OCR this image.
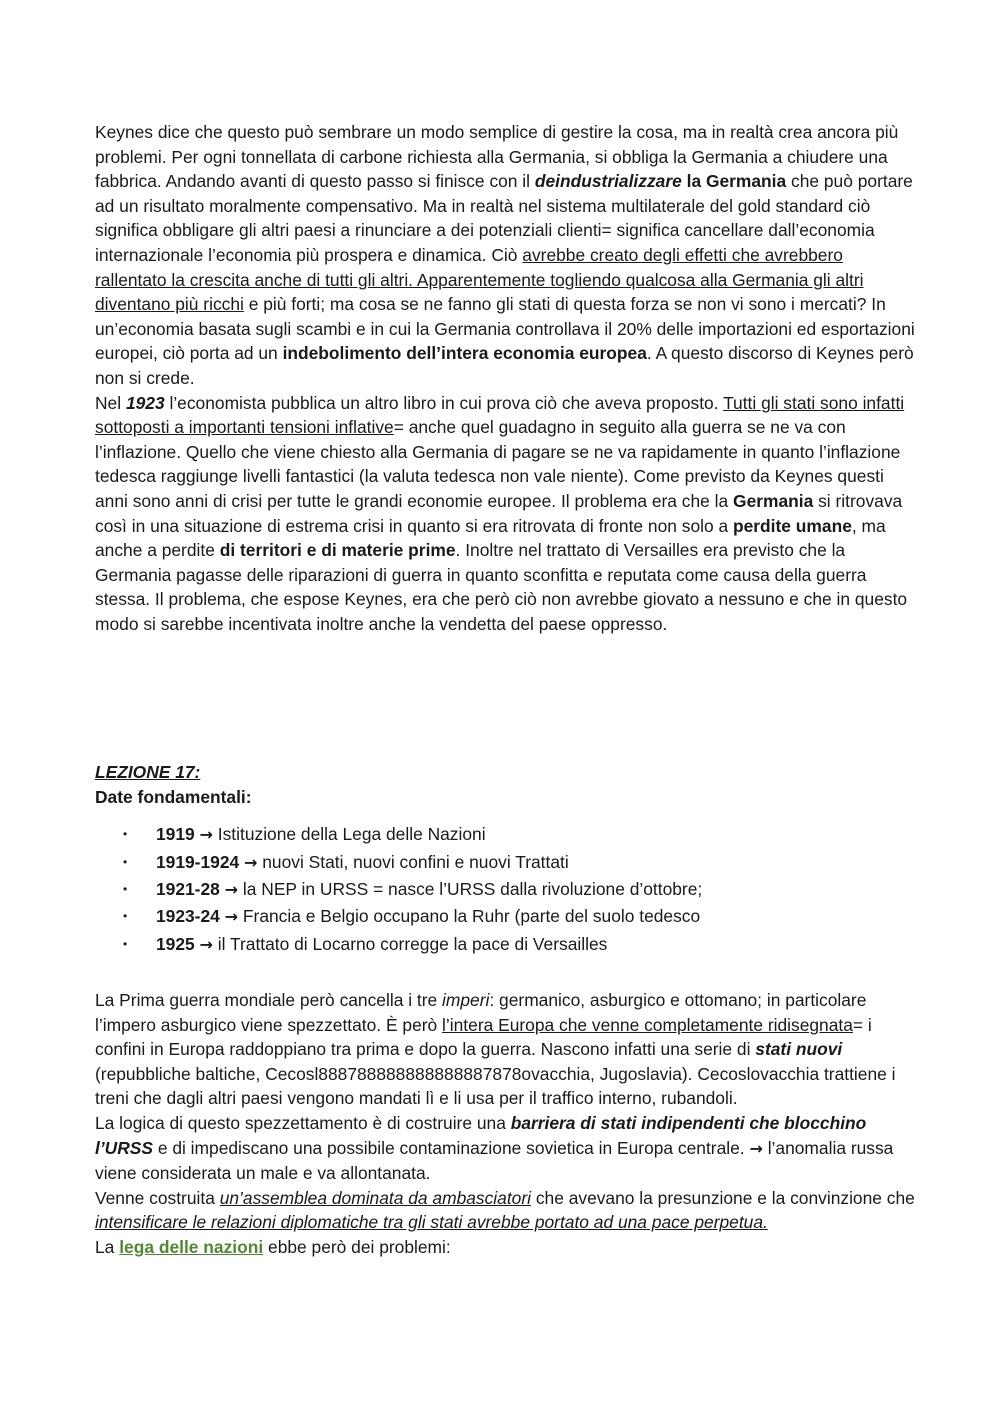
Keynes dice che questo può sembrare un modo semplice di gestire la cosa, ma in realtà crea ancora più problemi. Per ogni tonnellata di carbone richiesta alla Germania, si obbliga la Germania a chiudere una fabbrica. Andando avanti di questo passo si finisce con il deindustrializzare la Germania che può portare ad un risultato moralmente compensativo. Ma in realtà nel sistema multilaterale del gold standard ciò significa obbligare gli altri paesi a rinunciare a dei potenziali clienti= significa cancellare dall’economia internazionale l’economia più prospera e dinamica. Ciò avrebbe creato degli effetti che avrebbero rallentato la crescita anche di tutti gli altri. Apparentemente togliendo qualcosa alla Germania gli altri diventano più ricchi e più forti; ma cosa se ne fanno gli stati di questa forza se non vi sono i mercati? In un’economia basata sugli scambi e in cui la Germania controllava il 20% delle importazioni ed esportazioni europei, ciò porta ad un indebolimento dell’intera economia europea. A questo discorso di Keynes però non si crede.

Nel 1923 l’economista pubblica un altro libro in cui prova ciò che aveva proposto. Tutti gli stati sono infatti sottoposti a importanti tensioni inflative= anche quel guadagno in seguito alla guerra se ne va con l’inflazione. Quello che viene chiesto alla Germania di pagare se ne va rapidamente in quanto l’inflazione tedesca raggiunge livelli fantastici (la valuta tedesca non vale niente). Come previsto da Keynes questi anni sono anni di crisi per tutte le grandi economie europee. Il problema era che la Germania si ritrovava così in una situazione di estrema crisi in quanto si era ritrovata di fronte non solo a perdite umane, ma anche a perdite di territori e di materie prime. Inoltre nel trattato di Versailles era previsto che la Germania pagasse delle riparazioni di guerra in quanto sconfitta e reputata come causa della guerra stessa. Il problema, che espose Keynes, era che però ciò non avrebbe giovato a nessuno e che in questo modo si sarebbe incentivata inoltre anche la vendetta del paese oppresso.

LEZIONE 17:

Date fondamentali:

• 1919 → Istituzione della Lega delle Nazioni
• 1919-1924 → nuovi Stati, nuovi confini e nuovi Trattati
• 1921-28 → la NEP in URSS = nasce l’URSS dalla rivoluzione d’ottobre;
• 1923-24 → Francia e Belgio occupano la Ruhr (parte del suolo tedesco
• 1925 → il Trattato di Locarno corregge la pace di Versailles

La Prima guerra mondiale però cancella i tre imperi: germanico, asburgico e ottomano; in particolare l’impero asburgico viene spezzettato. È però l’intera Europa che venne completamente ridisegnata= i confini in Europa raddoppiano tra prima e dopo la guerra. Nascono infatti una serie di stati nuovi (repubbliche baltiche, Cecosl888788888888888887878ovacchia, Jugoslavia). Cecoslovacchia trattiene i treni che dagli altri paesi vengono mandati lì e li usa per il traffico interno, rubandoli.

La logica di questo spezzettamento è di costruire una barriera di stati indipendenti che blocchino l’URSS e di impediscano una possibile contaminazione sovietica in Europa centrale. → l’anomalia russa viene considerata un male e va allontanata.

Venne costruita un’assemblea dominata da ambasciatori che avevano la presunzione e la convinzione che intensificare le relazioni diplomatiche tra gli stati avrebbe portato ad una pace perpetua.

La lega delle nazioni ebbe però dei problemi:
